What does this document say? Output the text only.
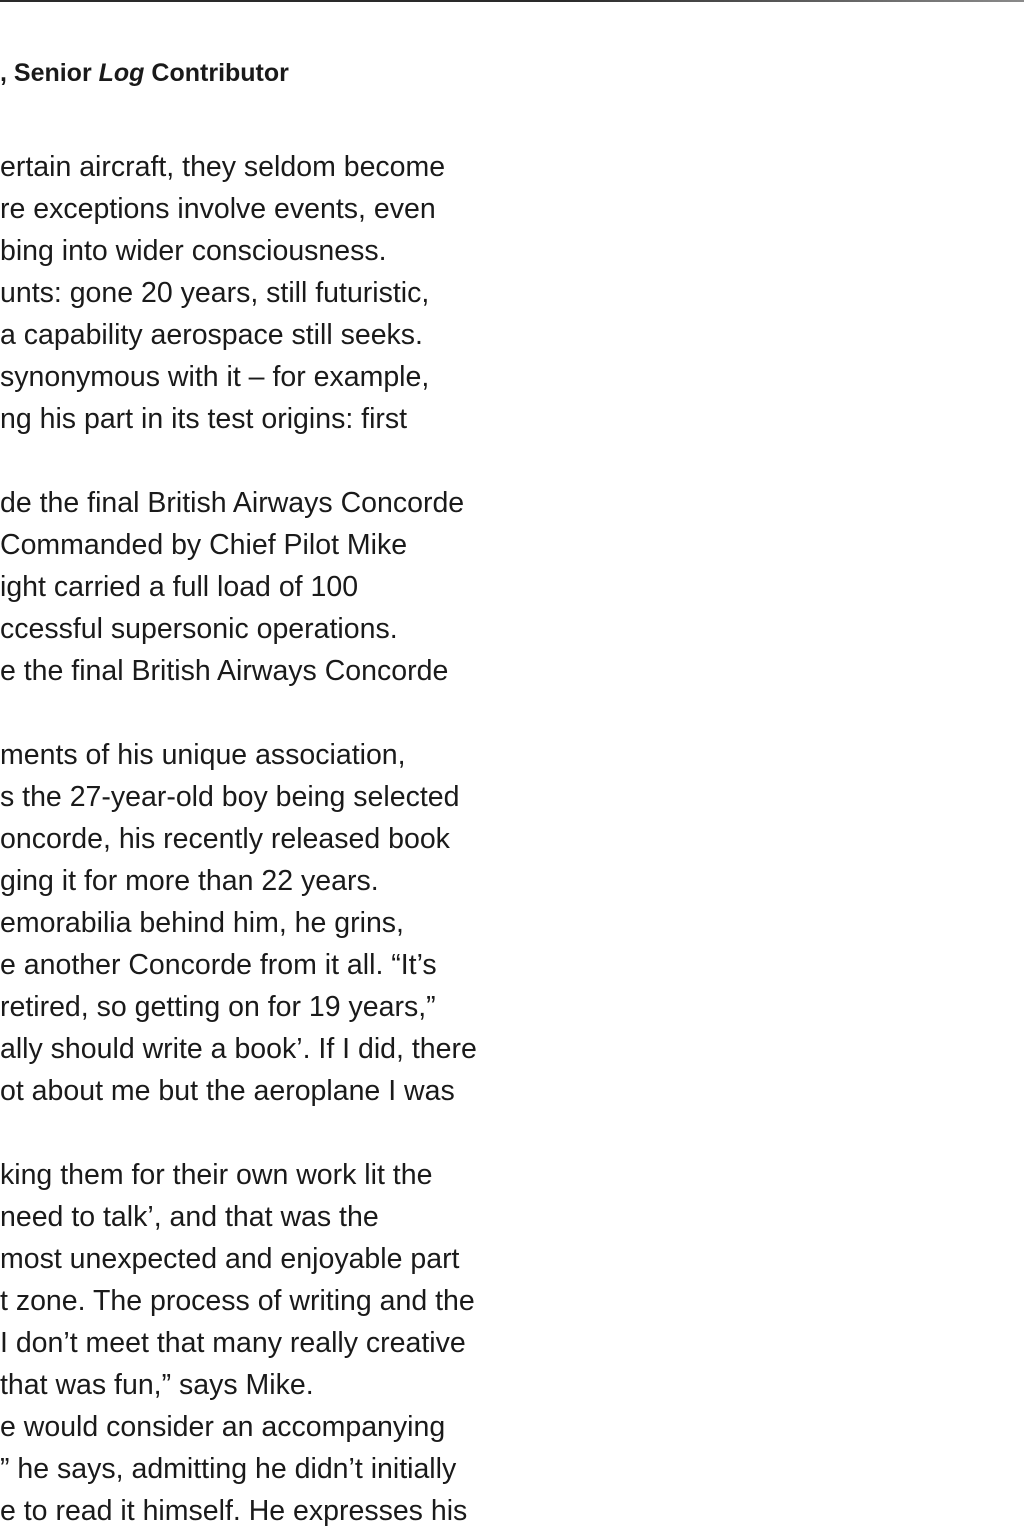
, Senior Log Contributor
ertain aircraft, they seldom become
re exceptions involve events, even
bing into wider consciousness.
unts: gone 20 years, still futuristic,
a capability aerospace still seeks.
synonymous with it – for example,
ng his part in its test origins: first
de the final British Airways Concorde
Commanded by Chief Pilot Mike
ight carried a full load of 100
ccessful supersonic operations.
e the final British Airways Concorde
ments of his unique association,
s the 27-year-old boy being selected
oncorde, his recently released book
ging it for more than 22 years.
emorabilia behind him, he grins,
e another Concorde from it all. “It’s
retired, so getting on for 19 years,”
ally should write a book’. If I did, there
ot about me but the aeroplane I was
king them for their own work lit the
need to talk’, and that was the
most unexpected and enjoyable part
t zone. The process of writing and the
I don’t meet that many really creative
that was fun,” says Mike.
e would consider an accompanying
” he says, admitting he didn’t initially
e to read it himself. He expresses his
